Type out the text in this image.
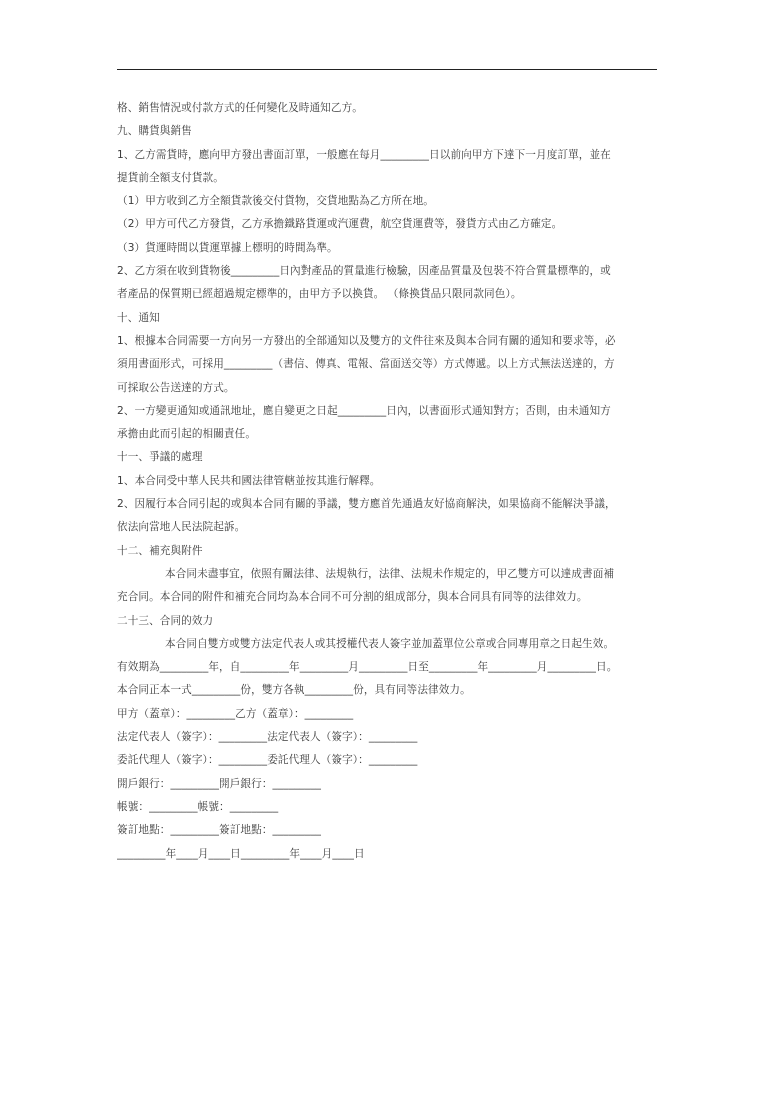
格、銷售情況或付款方式的任何變化及時通知乙方。
九、購貨與銷售
1、乙方需貨時，應向甲方發出書面訂單，一般應在每月_________日以前向甲方下達下一月度訂單，並在
提貨前全額支付貨款。
（1）甲方收到乙方全額貨款後交付貨物，交貨地點為乙方所在地。
（2）甲方可代乙方發貨，乙方承擔鐵路貨運或汽運費，航空貨運費等，發貨方式由乙方確定。
（3）貨運時間以貨運單據上標明的時間為準。
2、乙方須在收到貨物後_________日內對產品的質量進行檢驗，因產品質量及包裝不符合質量標準的，或
者產品的保質期已經超過規定標準的，由甲方予以換貨。 （條換貨品只限同款同色）。
十、通知
1、根據本合同需要一方向另一方發出的全部通知以及雙方的文件往來及與本合同有關的通知和要求等，必
須用書面形式，可採用_________（書信、傳真、電報、當面送交等）方式傳遞。以上方式無法送達的，方
可採取公告送達的方式。
2、一方變更通知或通訊地址，應自變更之日起_________日內，以書面形式通知對方；否則，由未通知方
承擔由此而引起的相關責任。
十一、爭議的處理
1、本合同受中華人民共和國法律管轄並按其進行解釋。
2、因履行本合同引起的或與本合同有關的爭議，雙方應首先通過友好協商解決，如果協商不能解決爭議，
依法向當地人民法院起訴。
十二、補充與附件
本合同未盡事宜，依照有關法律、法規執行，法律、法規未作規定的，甲乙雙方可以達成書面補
充合同。本合同的附件和補充合同均為本合同不可分割的組成部分，與本合同具有同等的法律效力。
二十三、合同的效力
本合同自雙方或雙方法定代表人或其授權代表人簽字並加蓋單位公章或合同專用章之日起生效。
有效期為_________年，自_________年_________月_________日至_________年_________月_________日。
本合同正本一式_________份，雙方各執_________份，具有同等法律效力。
甲方（蓋章）：_________乙方（蓋章）：_________
法定代表人（簽字）：_________法定代表人（簽字）：_________
委託代理人（簽字）：_________委託代理人（簽字）：_________
開戶銀行：_________開戶銀行：_________
帳號：_________帳號：_________
簽訂地點：_________簽訂地點：_________
_________年____月____日_________年____月____日
